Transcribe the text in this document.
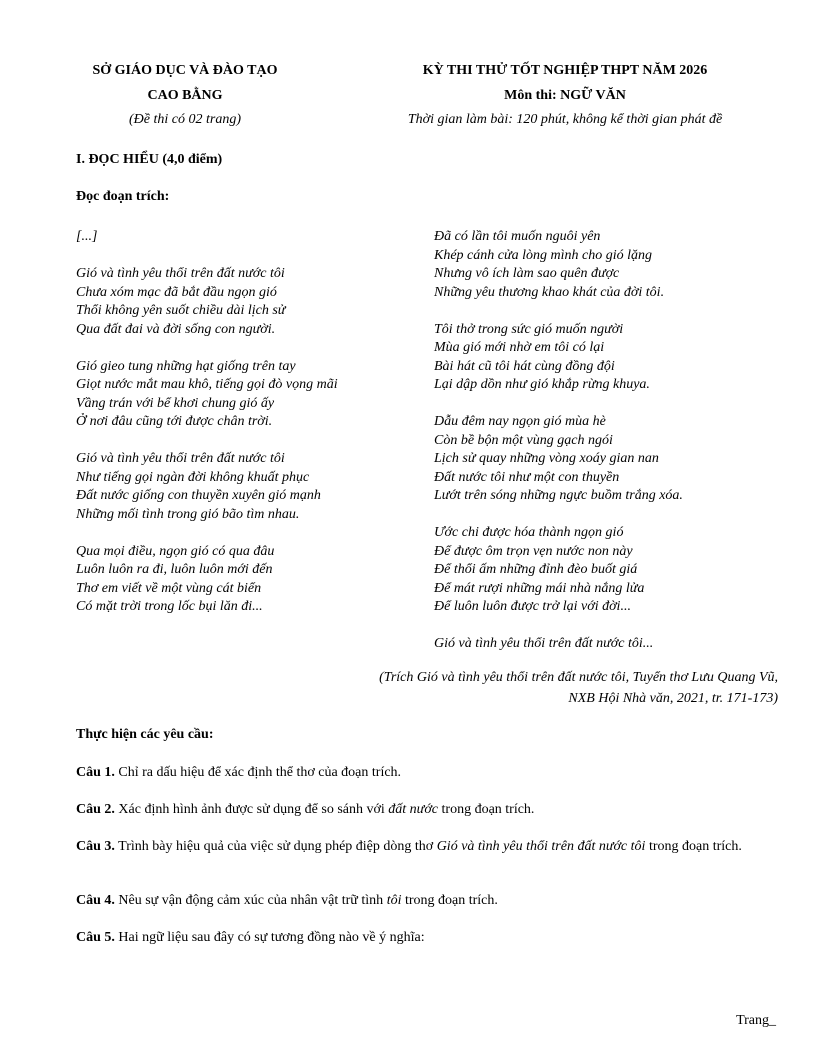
SỞ GIÁO DỤC VÀ ĐÀO TẠO
CAO BẰNG
(Đề thi có 02 trang)
KỲ THI THỬ TỐT NGHIỆP THPT NĂM 2026
Môn thi: NGỮ VĂN
Thời gian làm bài: 120 phút, không kể thời gian phát đề
I. ĐỌC HIỂU (4,0 điểm)
Đọc đoạn trích:
[...]
Gió và tình yêu thổi trên đất nước tôi
Chưa xóm mạc đã bắt đầu ngọn gió
Thổi không yên suốt chiều dài lịch sử
Qua đất đai và đời sống con người.
Gió gieo tung những hạt giống trên tay
Giọt nước mắt mau khô, tiếng gọi đò vọng mãi
Vầng trán với bể khơi chung gió ấy
Ở nơi đâu cũng tới được chân trời.
Gió và tình yêu thổi trên đất nước tôi
Như tiếng gọi ngàn đời không khuất phục
Đất nước giống con thuyền xuyên gió mạnh
Những mối tình trong gió bão tìm nhau.
Qua mọi điều, ngọn gió có qua đâu
Luôn luôn ra đi, luôn luôn mới đến
Thơ em viết về một vùng cát biển
Có mặt trời trong lốc bụi lăn đi...
Đã có lần tôi muốn nguôi yên
Khép cánh cửa lòng mình cho gió lặng
Nhưng vô ích làm sao quên được
Những yêu thương khao khát của đời tôi.
Tôi thở trong sức gió muốn người
Mùa gió mới nhờ em tôi có lại
Bài hát cũ tôi hát cùng đồng đội
Lại dập dồn như gió khắp rừng khuya.
Dẫu đêm nay ngọn gió mùa hè
Còn bề bộn một vùng gạch ngói
Lịch sử quay những vòng xoáy gian nan
Đất nước tôi như một con thuyền
Lướt trên sóng những ngực buồm trắng xóa.
Ước chi được hóa thành ngọn gió
Để được ôm trọn vẹn nước non này
Để thổi ấm những đỉnh đèo buốt giá
Để mát rượi những mái nhà nắng lửa
Để luôn luôn được trở lại với đời...
Gió và tình yêu thổi trên đất nước tôi...
(Trích Gió và tình yêu thổi trên đất nước tôi, Tuyển thơ Lưu Quang Vũ,
NXB Hội Nhà văn, 2021, tr. 171-173)
Thực hiện các yêu cầu:
Câu 1. Chỉ ra dấu hiệu để xác định thể thơ của đoạn trích.
Câu 2. Xác định hình ảnh được sử dụng để so sánh với đất nước trong đoạn trích.
Câu 3. Trình bày hiệu quả của việc sử dụng phép điệp dòng thơ Gió và tình yêu thổi trên đất nước tôi trong đoạn trích.
Câu 4. Nêu sự vận động cảm xúc của nhân vật trữ tình tôi trong đoạn trích.
Câu 5. Hai ngữ liệu sau đây có sự tương đồng nào về ý nghĩa:
Trang_
